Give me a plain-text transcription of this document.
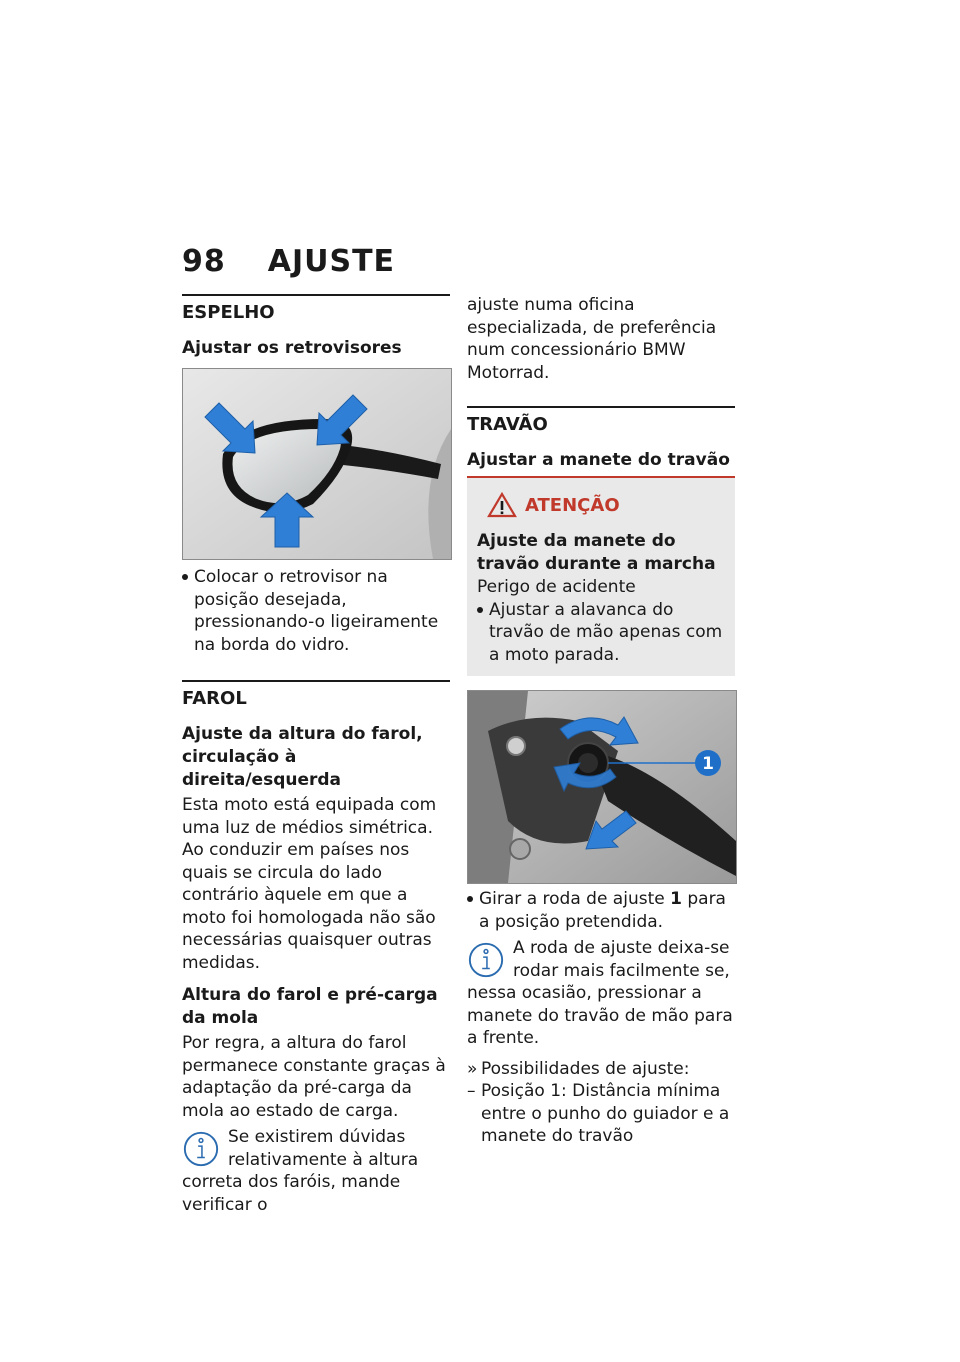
98 AJUSTE
ESPELHO
Ajustar os retrovisores
Colocar o retrovisor na posição desejada, pressionando-o ligeiramente na borda do vidro.
FAROL
Ajuste da altura do farol, circulação à direita/esquerda
Esta moto está equipada com uma luz de médios simétrica. Ao conduzir em países nos quais se circula do lado contrário àquele em que a moto foi homologada não são necessárias quaisquer outras medidas.
Altura do farol e pré-carga da mola
Por regra, a altura do farol permanece constante graças à adaptação da pré-carga da mola ao estado de carga.
Se existirem dúvidas relativamente à altura correta dos faróis, mande verificar o
ajuste numa oficina especializada, de preferência num concessionário BMW Motorrad.
TRAVÃO
Ajustar a manete do travão
ATENÇÃO
Ajuste da manete do travão durante a marcha
Perigo de acidente
Ajustar a alavanca do travão de mão apenas com a moto parada.
1
Girar a roda de ajuste 1 para a posição pretendida.
A roda de ajuste deixa-se rodar mais facilmente se, nessa ocasião, pressionar a manete do travão de mão para a frente.
» Possibilidades de ajuste:
– Posição 1: Distância mínima entre o punho do guiador e a manete do travão
